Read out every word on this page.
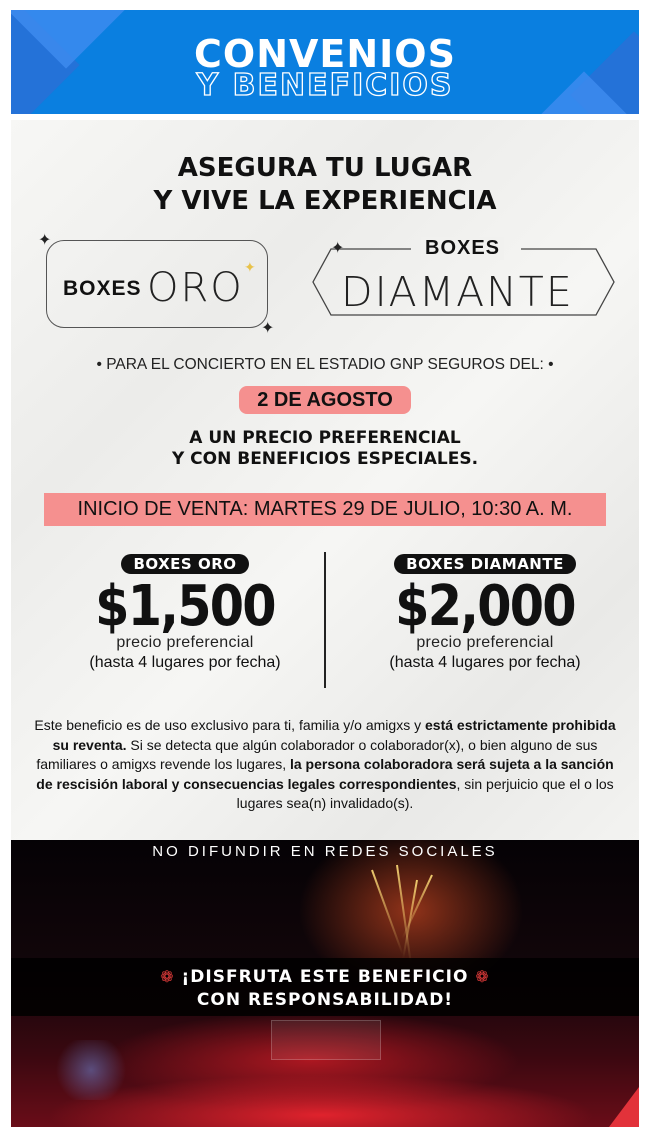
CONVENIOS
Y BENEFICIOS
ASEGURA TU LUGAR
Y VIVE LA EXPERIENCIA
BOXES ORO ✦
✦
✦
✦	BOXES
DIAMANTE
• PARA EL CONCIERTO EN EL ESTADIO GNP SEGUROS DEL: •
2 DE AGOSTO
A UN PRECIO PREFERENCIAL
Y CON BENEFICIOS ESPECIALES.
INICIO DE VENTA: MARTES 29 DE JULIO, 10:30 A. M.
BOXES ORO
$1,500
precio preferencial
(hasta 4 lugares por fecha)
BOXES DIAMANTE
$2,000
precio preferencial
(hasta 4 lugares por fecha)

Este beneficio es de uso exclusivo para ti, familia y/o amigxs y está estrictamente prohibida su reventa. Si se detecta que algún colaborador o colaborador(x), o bien alguno de sus familiares o amigxs revende los lugares, la persona colaboradora será sujeta a la sanción de rescisión laboral y consecuencias legales correspondientes, sin perjuicio que el o los lugares sea(n) invalidado(s).

NO DIFUNDIR EN REDES SOCIALES
❁ ¡DISFRUTA ESTE BENEFICIO ❁
CON RESPONSABILIDAD!
